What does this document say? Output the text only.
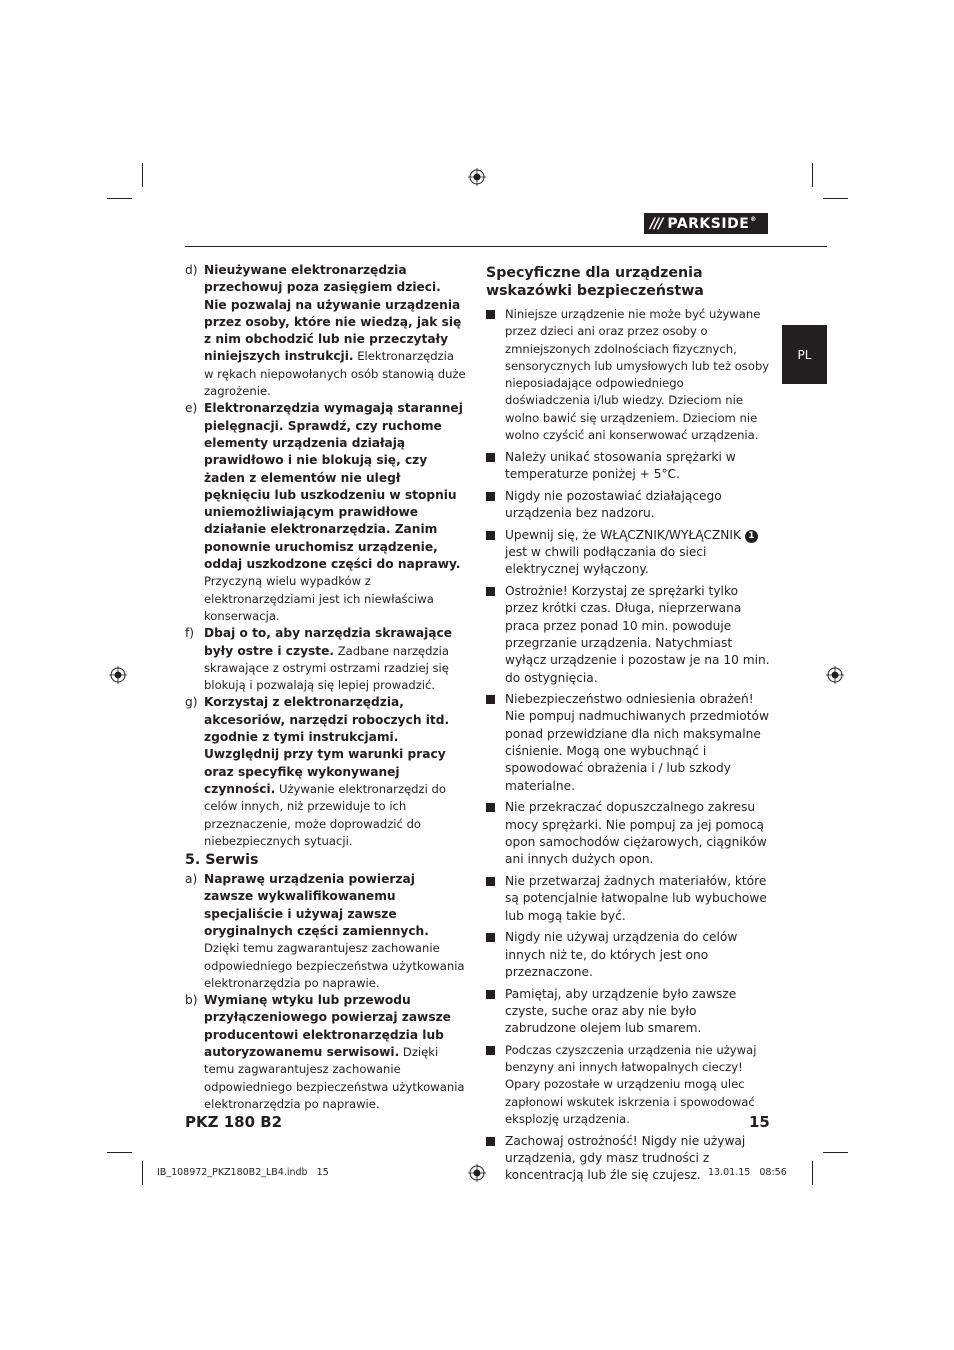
/// PARKSIDE ®
PL
d) Nieużywane elektronarzędzia przechowuj poza zasięgiem dzieci. Nie pozwalaj na używanie urządzenia przez osoby, które nie wiedzą, jak się z nim obchodzić lub nie przeczytały niniejszych instrukcji. Elektronarzędzia w rękach niepowołanych osób stanowią duże zagrożenie.
e) Elektronarzędzia wymagają starannej pielęgnacji. Sprawdź, czy ruchome elementy urządzenia działają prawidłowo i nie blokują się, czy żaden z elementów nie uległ pęknięciu lub uszkodzeniu w stopniu uniemożliwiającym prawidłowe działanie elektronarzędzia. Zanim ponownie uruchomisz urządzenie, oddaj uszkodzone części do naprawy. Przyczyną wielu wypadków z elektronarzędziami jest ich niewłaściwa konserwacja.
f) Dbaj o to, aby narzędzia skrawające były ostre i czyste. Zadbane narzędzia skrawające z ostrymi ostrzami rzadziej się blokują i pozwalają się lepiej prowadzić.
g) Korzystaj z elektronarzędzia, akcesoriów, narzędzi roboczych itd. zgodnie z tymi instrukcjami. Uwzględnij przy tym warunki pracy oraz specyfikę wykonywanej czynności. Używanie elektronarzędzi do celów innych, niż przewiduje to ich przeznaczenie, może doprowadzić do niebezpiecznych sytuacji.
5. Serwis
a) Naprawę urządzenia powierzaj zawsze wykwalifikowanemu specjaliście i używaj zawsze oryginalnych części zamiennych. Dzięki temu zagwarantujesz zachowanie odpowiedniego bezpieczeństwa użytkowania elektronarzędzia po naprawie.
b) Wymianę wtyku lub przewodu przyłączeniowego powierzaj zawsze producentowi elektronarzędzia lub autoryzowanemu serwisowi. Dzięki temu zagwarantujesz zachowanie odpowiedniego bezpieczeństwa użytkowania elektronarzędzia po naprawie.
Specyficzne dla urządzenia wskazówki bezpieczeństwa
Niniejsze urządzenie nie może być używane przez dzieci ani oraz przez osoby o zmniejszonych zdolnościach fizycznych, sensorycznych lub umysłowych lub też osoby nieposiadające odpowiedniego doświadczenia i/lub wiedzy. Dzieciom nie wolno bawić się urządzeniem. Dzieciom nie wolno czyścić ani konserwować urządzenia.
Należy unikać stosowania sprężarki w temperaturze poniżej + 5°C.
Nigdy nie pozostawiać działającego urządzenia bez nadzoru.
Upewnij się, że WŁĄCZNIK/WYŁĄCZNIK 1 jest w chwili podłączania do sieci elektrycznej wyłączony.
Ostrożnie! Korzystaj ze sprężarki tylko przez krótki czas. Długa, nieprzerwana praca przez ponad 10 min. powoduje przegrzanie urządzenia. Natychmiast wyłącz urządzenie i pozostaw je na 10 min. do ostygnięcia.
Niebezpieczeństwo odniesienia obrażeń! Nie pompuj nadmuchiwanych przedmiotów ponad przewidziane dla nich maksymalne ciśnienie. Mogą one wybuchnąć i spowodować obrażenia i / lub szkody materialne.
Nie przekraczać dopuszczalnego zakresu mocy sprężarki. Nie pompuj za jej pomocą opon samochodów ciężarowych, ciągników ani innych dużych opon.
Nie przetwarzaj żadnych materiałów, które są potencjalnie łatwopalne lub wybuchowe lub mogą takie być.
Nigdy nie używaj urządzenia do celów innych niż te, do których jest ono przeznaczone.
Pamiętaj, aby urządzenie było zawsze czyste, suche oraz aby nie było zabrudzone olejem lub smarem.
Podczas czyszczenia urządzenia nie używaj benzyny ani innych łatwopalnych cieczy! Opary pozostałe w urządzeniu mogą ulec zapłonowi wskutek iskrzenia i spowodować eksplozję urządzenia.
Zachowaj ostrożność! Nigdy nie używaj urządzenia, gdy masz trudności z koncentracją lub źle się czujesz.
PKZ 180 B2	15
IB_108972_PKZ180B2_LB4.indb   15	13.01.15   08:56
